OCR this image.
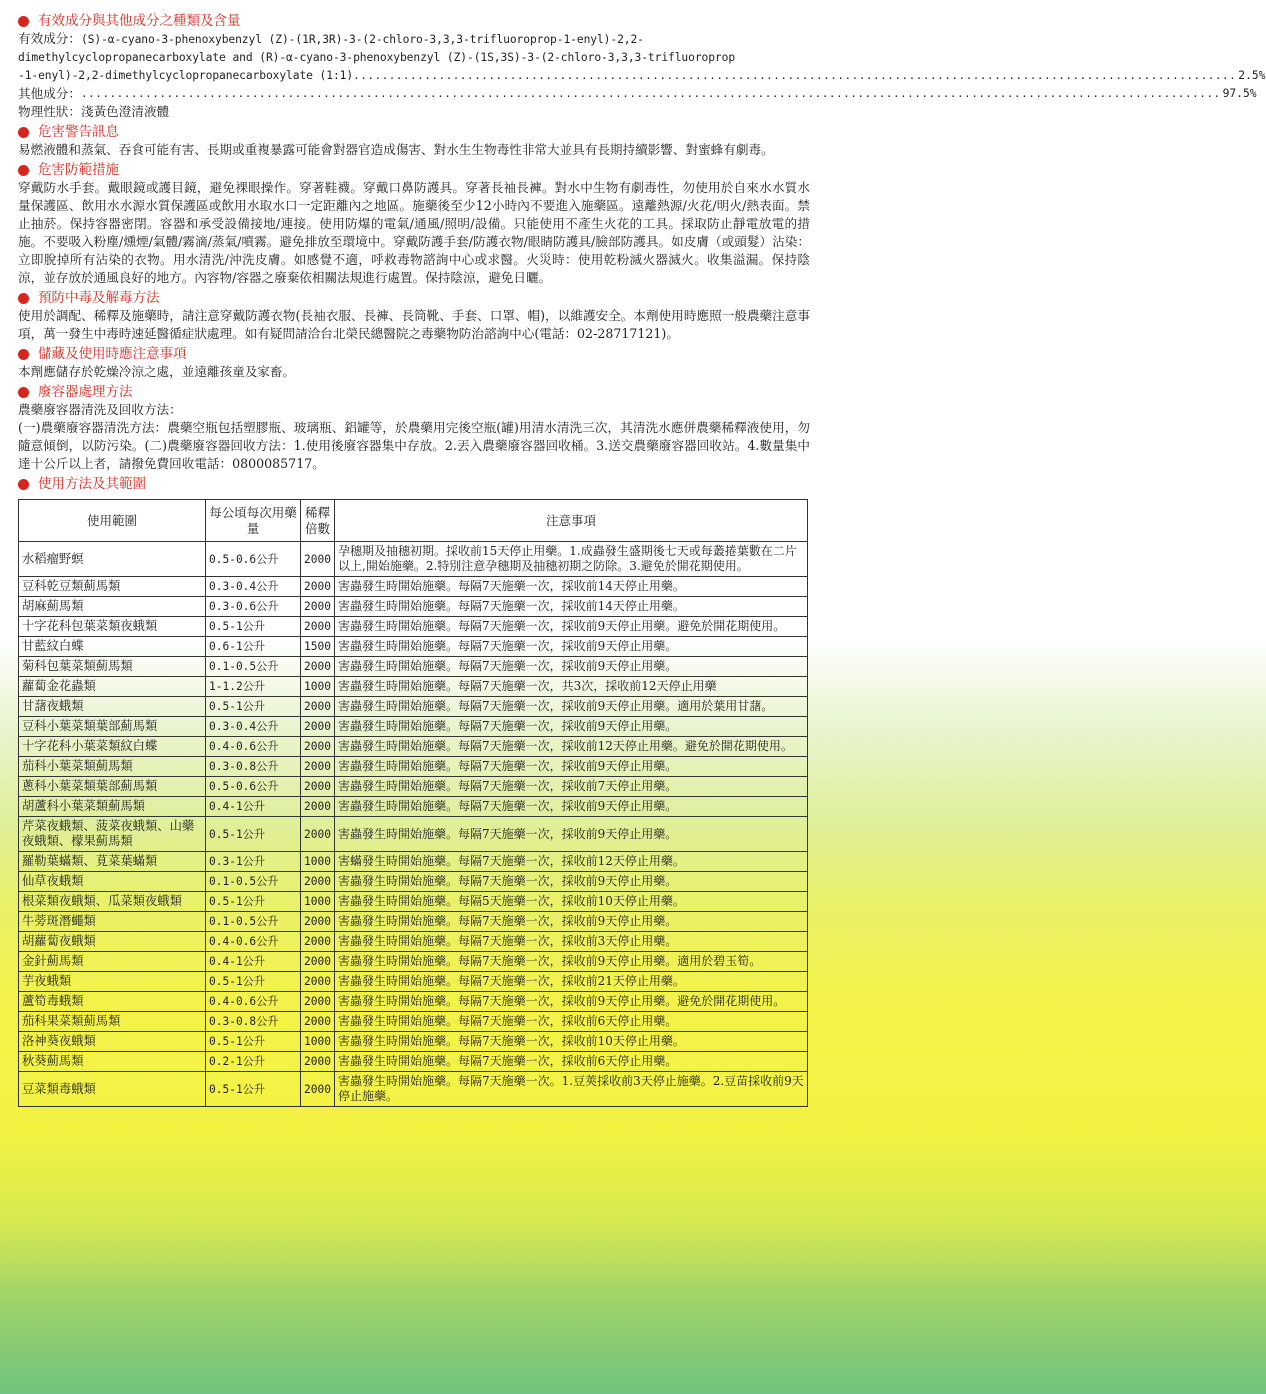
有效成分與其他成分之種類及含量
有效成分：(S)-α-cyano-3-phenoxybenzyl (Z)-(1R,3R)-3-(2-chloro-3,3,3-trifluoroprop-1-enyl)-2,2-
dimethylcyclopropanecarboxylate and (R)-α-cyano-3-phenoxybenzyl (Z)-(1S,3S)-3-(2-chloro-3,3,3-trifluoroprop
-1-enyl)-2,2-dimethylcyclopropanecarboxylate (1:1) ............................................................................................................................ 2.5%
其他成分： ................................................................................................................................................................ 97.5%
物理性狀：淺黃色澄清液體
危害警告訊息
易燃液體和蒸氣、吞食可能有害、長期或重複暴露可能會對器官造成傷害、對水生生物毒性非常大並具有長期持續影響、對蜜蜂有劇毒。
危害防範措施
穿戴防水手套。戴眼鏡或護目鏡，避免裸眼操作。穿著鞋襪。穿戴口鼻防護具。穿著長袖長褲。對水中生物有劇毒性，勿使用於自來水水質水量保護區、飲用水水源水質保護區或飲用水取水口一定距離內之地區。施藥後至少12小時內不要進入施藥區。遠離熱源/火花/明火/熱表面。禁止抽菸。保持容器密閉。容器和承受設備接地/連接。使用防爆的電氣/通風/照明/設備。只能使用不產生火花的工具。採取防止靜電放電的措施。不要吸入粉塵/燻煙/氣體/霧滴/蒸氣/噴霧。避免排放至環境中。穿戴防護手套/防護衣物/眼睛防護具/臉部防護具。如皮膚（或頭髮）沾染：立即脫掉所有沾染的衣物。用水清洗/沖洗皮膚。如感覺不適，呼救毒物諮詢中心或求醫。火災時：使用乾粉滅火器滅火。收集溢漏。保持陰涼，並存放於通風良好的地方。內容物/容器之廢棄依相關法規進行處置。保持陰涼，避免日曬。
預防中毒及解毒方法
使用於調配、稀釋及施藥時，請注意穿戴防護衣物(長袖衣服、長褲、長筒靴、手套、口罩、帽)，以維護安全。本劑使用時應照一般農藥注意事項，萬一發生中毒時速延醫循症狀處理。如有疑問請洽台北榮民總醫院之毒藥物防治諮詢中心(電話：02-28717121)。
儲藏及使用時應注意事項
本劑應儲存於乾燥冷涼之處，並遠離孩童及家畜。
廢容器處理方法
農藥廢容器清洗及回收方法：
(一)農藥廢容器清洗方法：農藥空瓶包括塑膠瓶、玻璃瓶、鋁罐等，於農藥用完後空瓶(罐)用清水清洗三次，其清洗水應併農藥稀釋液使用，勿隨意傾倒，以防污染。(二)農藥廢容器回收方法：1.使用後廢容器集中存放。2.丟入農藥廢容器回收桶。3.送交農藥廢容器回收站。4.數量集中達十公斤以上者，請撥免費回收電話：0800085717。
使用方法及其範圍
使用範圍	每公頃每次用藥量	稀釋倍數	注意事項
水稻瘤野螟	0.5-0.6公升	2000	孕穗期及抽穗初期。採收前15天停止用藥。1.成蟲發生盛期後七天或每叢捲葉數在二片以上,開始施藥。2.特別注意孕穗期及抽穗初期之防除。3.避免於開花期使用。
豆科乾豆類薊馬類	0.3-0.4公升	2000	害蟲發生時開始施藥。每隔7天施藥一次，採收前14天停止用藥。
胡麻薊馬類	0.3-0.6公升	2000	害蟲發生時開始施藥。每隔7天施藥一次，採收前14天停止用藥。
十字花科包葉菜類夜蛾類	0.5-1公升	2000	害蟲發生時開始施藥。每隔7天施藥一次，採收前9天停止用藥。避免於開花期使用。
甘藍紋白蝶	0.6-1公升	1500	害蟲發生時開始施藥。每隔7天施藥一次，採收前9天停止用藥。
菊科包葉菜類薊馬類	0.1-0.5公升	2000	害蟲發生時開始施藥。每隔7天施藥一次，採收前9天停止用藥。
蘿蔔金花蟲類	1-1.2公升	1000	害蟲發生時開始施藥。每隔7天施藥一次，共3次，採收前12天停止用藥
甘藷夜蛾類	0.5-1公升	2000	害蟲發生時開始施藥。每隔7天施藥一次，採收前9天停止用藥。適用於葉用甘藷。
豆科小葉菜類葉部薊馬類	0.3-0.4公升	2000	害蟲發生時開始施藥。每隔7天施藥一次，採收前9天停止用藥。
十字花科小葉菜類紋白蝶	0.4-0.6公升	2000	害蟲發生時開始施藥。每隔7天施藥一次，採收前12天停止用藥。避免於開花期使用。
茄科小葉菜類薊馬類	0.3-0.8公升	2000	害蟲發生時開始施藥。每隔7天施藥一次，採收前9天停止用藥。
蔥科小葉菜類葉部薊馬類	0.5-0.6公升	2000	害蟲發生時開始施藥。每隔7天施藥一次，採收前7天停止用藥。
胡蘆科小葉菜類薊馬類	0.4-1公升	2000	害蟲發生時開始施藥。每隔7天施藥一次，採收前9天停止用藥。
芹菜夜蛾類、菠菜夜蛾類、山藥夜蛾類、檬果薊馬類	0.5-1公升	2000	害蟲發生時開始施藥。每隔7天施藥一次，採收前9天停止用藥。
羅勒葉蟎類、莧菜葉蟎類	0.3-1公升	1000	害蟎發生時開始施藥。每隔7天施藥一次，採收前12天停止用藥。
仙草夜蛾類	0.1-0.5公升	2000	害蟲發生時開始施藥。每隔7天施藥一次，採收前9天停止用藥。
根菜類夜蛾類、瓜菜類夜蛾類	0.5-1公升	1000	害蟲發生時開始施藥。每隔5天施藥一次，採收前10天停止用藥。
牛蒡斑潛蠅類	0.1-0.5公升	2000	害蟲發生時開始施藥。每隔7天施藥一次，採收前9天停止用藥。
胡蘿蔔夜蛾類	0.4-0.6公升	2000	害蟲發生時開始施藥。每隔7天施藥一次，採收前3天停止用藥。
金針薊馬類	0.4-1公升	2000	害蟲發生時開始施藥。每隔7天施藥一次，採收前9天停止用藥。適用於碧玉筍。
芋夜蛾類	0.5-1公升	2000	害蟲發生時開始施藥。每隔7天施藥一次，採收前21天停止用藥。
蘆筍毒蛾類	0.4-0.6公升	2000	害蟲發生時開始施藥。每隔7天施藥一次，採收前9天停止用藥。避免於開花期使用。
茄科果菜類薊馬類	0.3-0.8公升	2000	害蟲發生時開始施藥。每隔7天施藥一次，採收前6天停止用藥。
洛神葵夜蛾類	0.5-1公升	1000	害蟲發生時開始施藥。每隔7天施藥一次，採收前10天停止用藥。
秋葵薊馬類	0.2-1公升	2000	害蟲發生時開始施藥。每隔7天施藥一次，採收前6天停止用藥。
豆菜類毒蛾類	0.5-1公升	2000	害蟲發生時開始施藥。每隔7天施藥一次。1.豆莢採收前3天停止施藥。2.豆苗採收前9天停止施藥。
